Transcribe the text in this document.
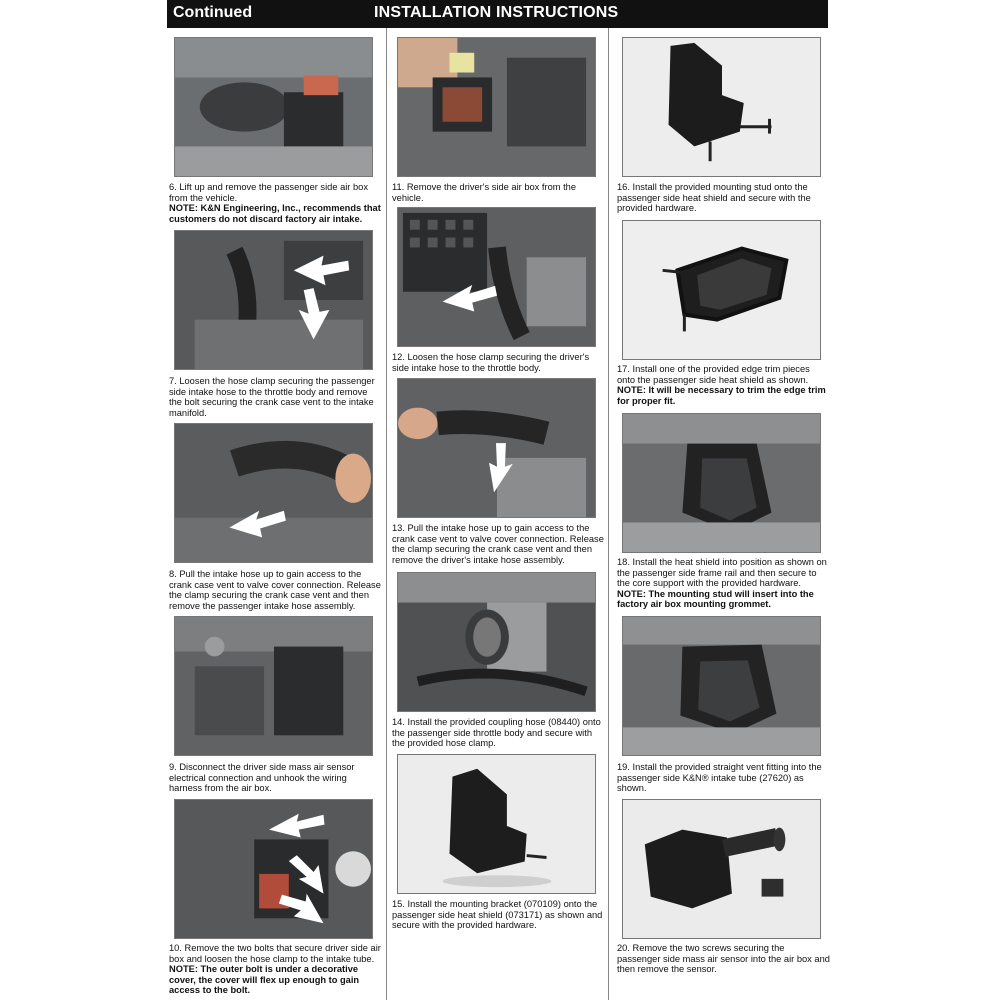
Continued	INSTALLATION INSTRUCTIONS
6. Lift up and remove the passenger side air box from the vehicle.
NOTE: K&N Engineering, Inc., recommends that customers do not discard factory air intake.
7. Loosen the hose clamp securing the passenger side intake hose to the throttle body and remove the bolt securing the crank case vent to the intake manifold.
8. Pull the intake hose up to gain access to the crank case vent to valve cover connection. Release the clamp securing the crank case vent and then remove the passenger intake hose assembly.
9. Disconnect the driver side mass air sensor electrical connection and unhook the wiring harness from the air box.
10. Remove the two bolts that secure driver side air box and loosen the hose clamp to the intake tube.
NOTE: The outer bolt is under a decorative cover, the cover will flex up enough to gain access to the bolt.
11. Remove the driver's side air box from the vehicle.
12. Loosen the hose clamp securing the driver's side intake hose to the throttle body.
13. Pull the intake hose up to gain access to the crank case vent to valve cover connection. Release the clamp securing the crank case vent and then remove the driver's intake hose assembly.
14. Install the provided coupling hose (08440) onto the passenger side throttle body and secure with the provided hose clamp.
15. Install the mounting bracket (070109) onto the passenger side heat shield (073171) as shown and secure with the provided hardware.
16. Install the provided mounting stud onto the passenger side heat shield and secure with the provided hardware.
17. Install one of the provided edge trim pieces onto the passenger side heat shield as shown.
NOTE: It will be necessary to trim the edge trim for proper fit.
18. Install the heat shield into position as shown on the passenger side frame rail and then secure to the core support with the provided hardware.
NOTE: The mounting stud will insert into the factory air box mounting grommet.
19. Install the provided straight vent fitting into the passenger side K&N® intake tube (27620) as shown.
20. Remove the two screws securing the passenger side mass air sensor into the air box and then remove the sensor.
